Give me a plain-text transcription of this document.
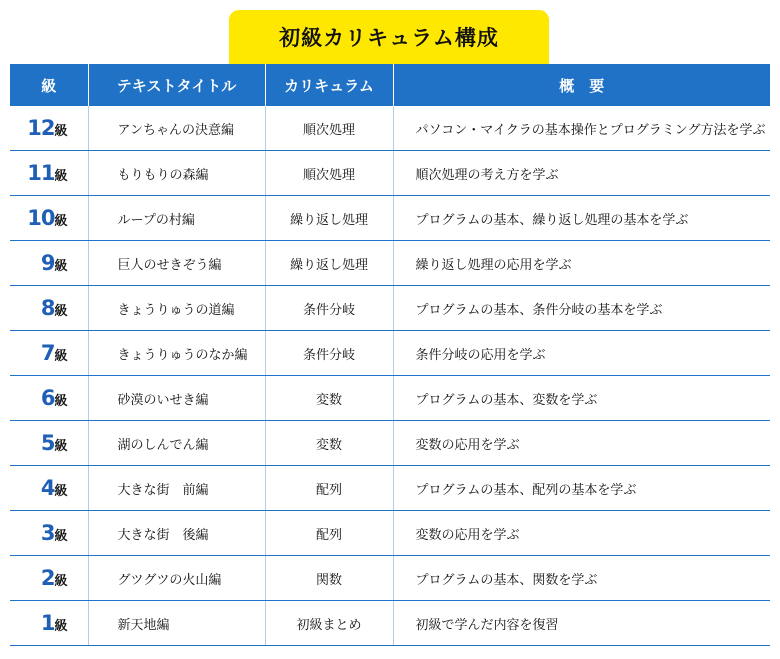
初級カリキュラム構成
級	テキストタイトル	カリキュラム	概　要
12級	アンちゃんの決意編	順次処理	パソコン・マイクラの基本操作とプログラミング方法を学ぶ
11級	もりもりの森編	順次処理	順次処理の考え方を学ぶ
10級	ループの村編	繰り返し処理	プログラムの基本、繰り返し処理の基本を学ぶ
9級	巨人のせきぞう編	繰り返し処理	繰り返し処理の応用を学ぶ
8級	きょうりゅうの道編	条件分岐	プログラムの基本、条件分岐の基本を学ぶ
7級	きょうりゅうのなか編	条件分岐	条件分岐の応用を学ぶ
6級	砂漠のいせき編	変数	プログラムの基本、変数を学ぶ
5級	湖のしんでん編	変数	変数の応用を学ぶ
4級	大きな街　前編	配列	プログラムの基本、配列の基本を学ぶ
3級	大きな街　後編	配列	変数の応用を学ぶ
2級	グツグツの火山編	関数	プログラムの基本、関数を学ぶ
1級	新天地編	初級まとめ	初級で学んだ内容を復習
